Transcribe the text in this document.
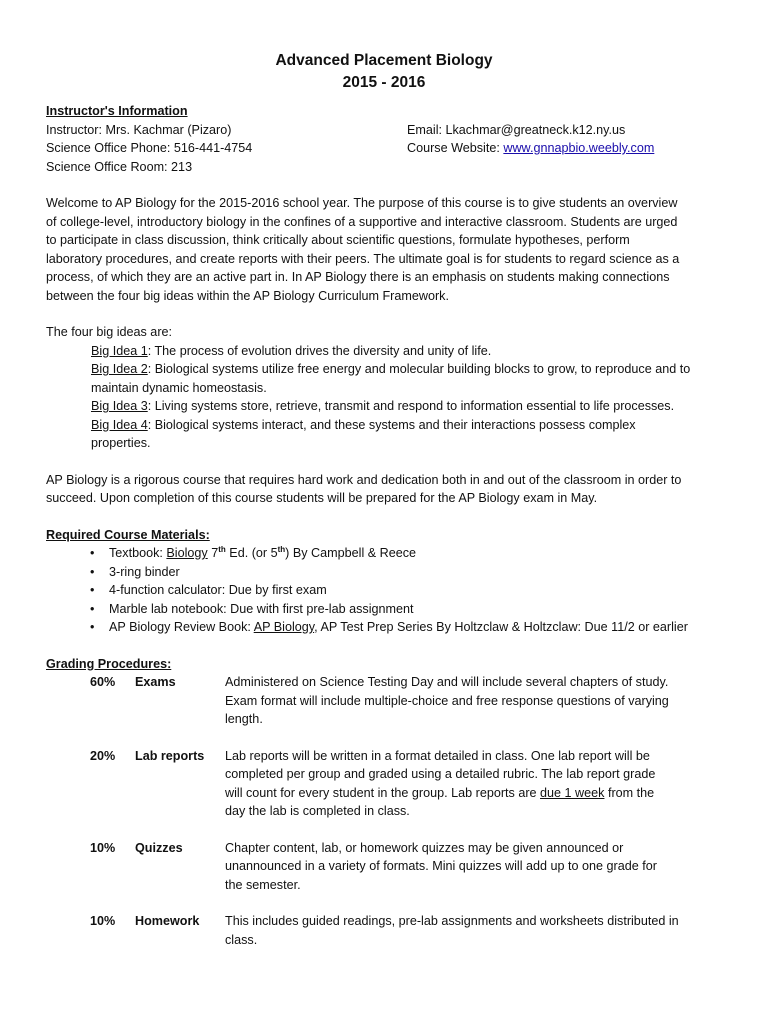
Advanced Placement Biology
2015 - 2016
Instructor's Information
Instructor: Mrs. Kachmar (Pizaro)	Email: Lkachmar@greatneck.k12.ny.us
Science Office Phone: 516-441-4754	Course Website: www.gnnapbio.weebly.com
Science Office Room: 213
Welcome to AP Biology for the 2015-2016 school year. The purpose of this course is to give students an overview
of college-level, introductory biology in the confines of a supportive and interactive classroom. Students are urged
to participate in class discussion, think critically about scientific questions, formulate hypotheses, perform
laboratory procedures, and create reports with their peers. The ultimate goal is for students to regard science as a
process, of which they are an active part in. In AP Biology there is an emphasis on students making connections
between the four big ideas within the AP Biology Curriculum Framework.
The four big ideas are:
Big Idea 1: The process of evolution drives the diversity and unity of life.
Big Idea 2: Biological systems utilize free energy and molecular building blocks to grow, to reproduce and to
maintain dynamic homeostasis.
Big Idea 3: Living systems store, retrieve, transmit and respond to information essential to life processes.
Big Idea 4: Biological systems interact, and these systems and their interactions possess complex
properties.
AP Biology is a rigorous course that requires hard work and dedication both in and out of the classroom in order to
succeed. Upon completion of this course students will be prepared for the AP Biology exam in May.
Required Course Materials:
• Textbook: Biology 7th Ed. (or 5th) By Campbell & Reece
• 3-ring binder
• 4-function calculator: Due by first exam
• Marble lab notebook: Due with first pre-lab assignment
• AP Biology Review Book: AP Biology, AP Test Prep Series By Holtzclaw & Holtzclaw: Due 11/2 or earlier
Grading Procedures:
60%	Exams	Administered on Science Testing Day and will include several chapters of study.
Exam format will include multiple-choice and free response questions of varying
length.
20%	Lab reports	Lab reports will be written in a format detailed in class. One lab report will be
completed per group and graded using a detailed rubric. The lab report grade
will count for every student in the group. Lab reports are due 1 week from the
day the lab is completed in class.
10%	Quizzes	Chapter content, lab, or homework quizzes may be given announced or
unannounced in a variety of formats. Mini quizzes will add up to one grade for
the semester.
10%	Homework	This includes guided readings, pre-lab assignments and worksheets distributed in
class.
